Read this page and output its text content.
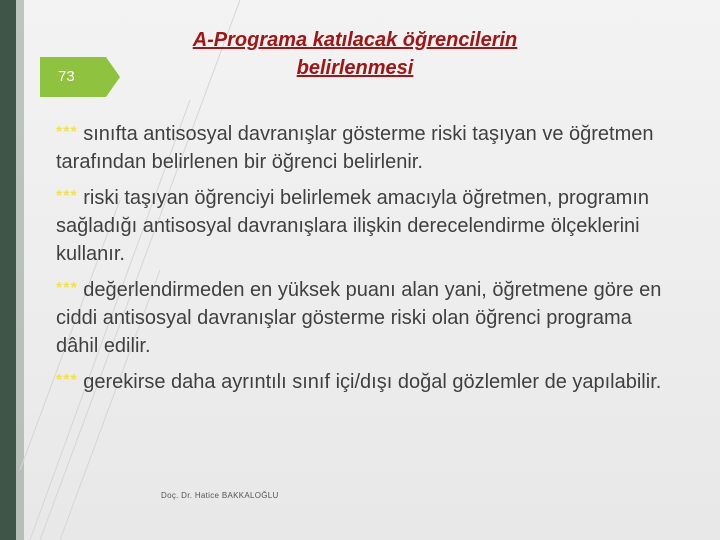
73
A-Programa katılacak öğrencilerin belirlenmesi

*** sınıfta antisosyal davranışlar gösterme riski taşıyan ve öğretmen tarafından belirlenen bir öğrenci belirlenir.

*** riski taşıyan öğrenciyi belirlemek amacıyla öğretmen, programın sağladığı antisosyal davranışlara ilişkin derecelendirme ölçeklerini kullanır.

*** değerlendirmeden en yüksek puanı alan yani, öğretmene göre en ciddi antisosyal davranışlar gösterme riski olan öğrenci programa dâhil edilir.

*** gerekirse daha ayrıntılı sınıf içi/dışı doğal gözlemler de yapılabilir.

Doç. Dr. Hatice BAKKALOĞLU
